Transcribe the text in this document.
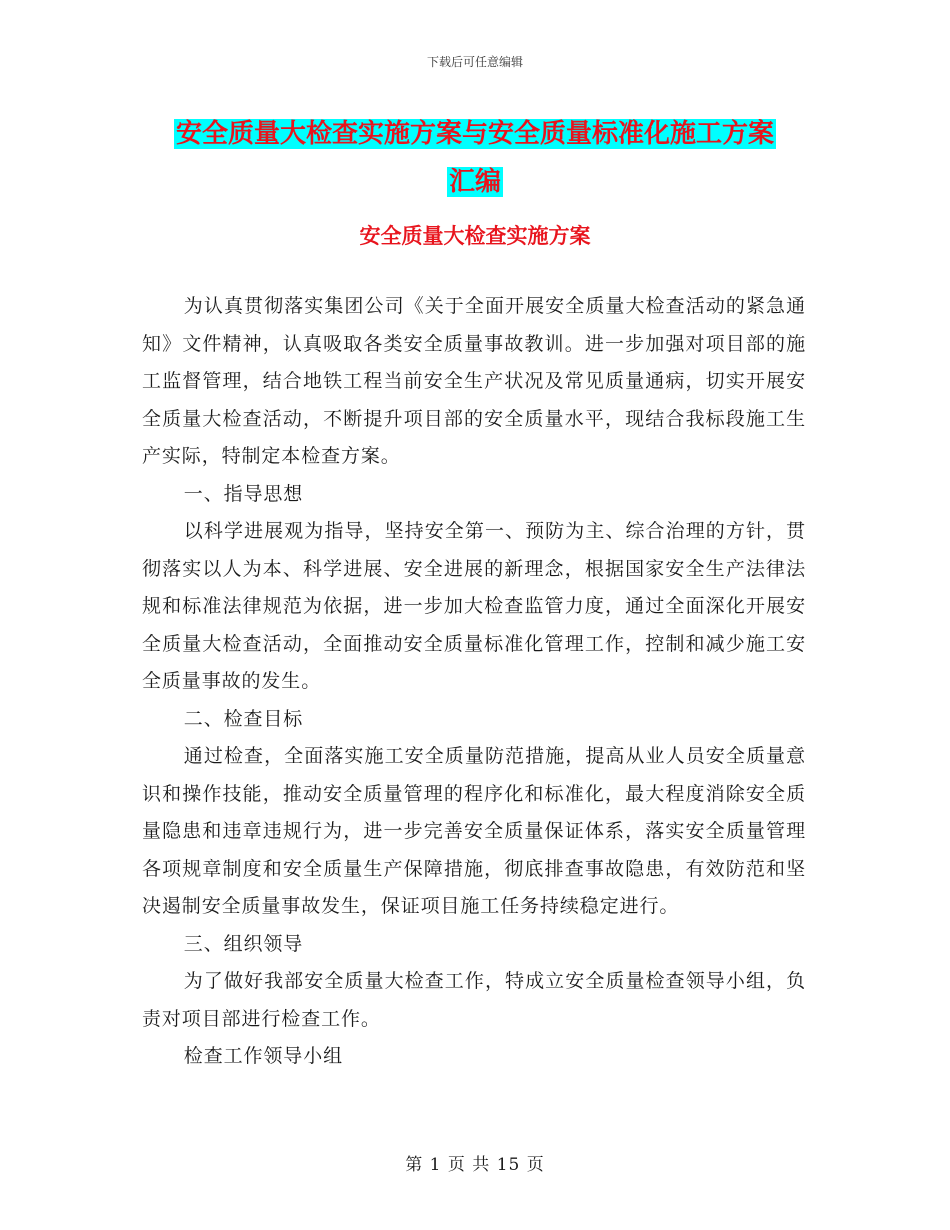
下载后可任意编辑
安全质量大检查实施方案与安全质量标准化施工方案
汇编
安全质量大检查实施方案

为认真贯彻落实集团公司《关于全面开展安全质量大检查活动的紧急通知》文件精神，认真吸取各类安全质量事故教训。进一步加强对项目部的施工监督管理，结合地铁工程当前安全生产状况及常见质量通病，切实开展安全质量大检查活动，不断提升项目部的安全质量水平，现结合我标段施工生产实际，特制定本检查方案。

一、指导思想

以科学进展观为指导，坚持安全第一、预防为主、综合治理的方针，贯彻落实以人为本、科学进展、安全进展的新理念，根据国家安全生产法律法规和标准法律规范为依据，进一步加大检查监管力度，通过全面深化开展安全质量大检查活动，全面推动安全质量标准化管理工作，控制和减少施工安全质量事故的发生。

二、检查目标

通过检查，全面落实施工安全质量防范措施，提高从业人员安全质量意识和操作技能，推动安全质量管理的程序化和标准化，最大程度消除安全质量隐患和违章违规行为，进一步完善安全质量保证体系，落实安全质量管理各项规章制度和安全质量生产保障措施，彻底排查事故隐患，有效防范和坚决遏制安全质量事故发生，保证项目施工任务持续稳定进行。

三、组织领导

为了做好我部安全质量大检查工作，特成立安全质量检查领导小组，负责对项目部进行检查工作。

检查工作领导小组

第 1 页 共 15 页
